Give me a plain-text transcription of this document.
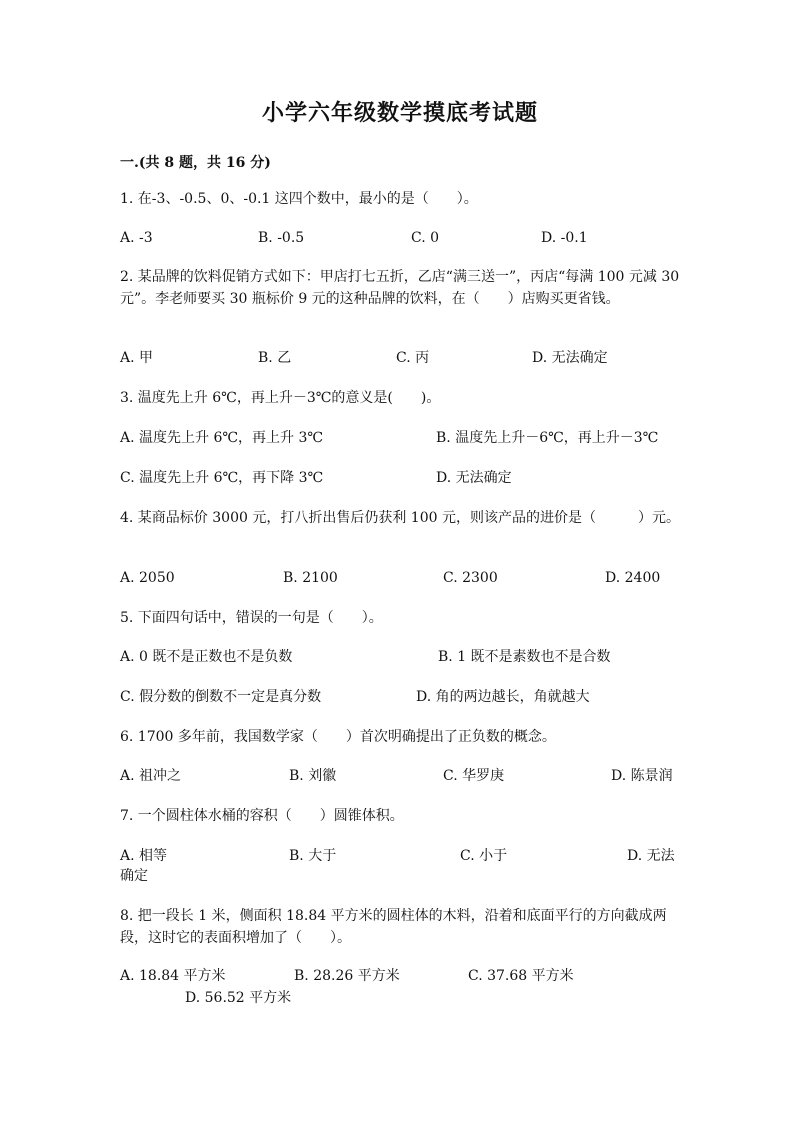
小学六年级数学摸底考试题
一.(共 8 题，共 16 分)
1. 在-3、-0.5、0、-0.1 这四个数中，最小的是（　　）。
A. -3	B. -0.5	C. 0	D. -0.1
2. 某品牌的饮料促销方式如下：甲店打七五折，乙店“满三送一”，丙店“每满 100 元减 30 元”。李老师要买 30 瓶标价 9 元的这种品牌的饮料，在（　　）店购买更省钱。
A. 甲	B. 乙	C. 丙	D. 无法确定
3. 温度先上升 6℃，再上升－3℃的意义是(　　)。
A. 温度先上升 6℃，再上升 3℃	B. 温度先上升－6℃，再上升－3℃
C. 温度先上升 6℃，再下降 3℃	D. 无法确定
4. 某商品标价 3000 元，打八折出售后仍获利 100 元，则该产品的进价是（　　　）元。
A. 2050	B. 2100	C. 2300	D. 2400
5. 下面四句话中，错误的一句是（　　）。
A. 0 既不是正数也不是负数	B. 1 既不是素数也不是合数
C. 假分数的倒数不一定是真分数	D. 角的两边越长，角就越大
6. 1700 多年前，我国数学家（　　）首次明确提出了正负数的概念。
A. 祖冲之	B. 刘徽	C. 华罗庚	D. 陈景润
7. 一个圆柱体水桶的容积（　　）圆锥体积。
A. 相等	B. 大于	C. 小于	D. 无法确定
8. 把一段长 1 米，侧面积 18.84 平方米的圆柱体的木料，沿着和底面平行的方向截成两段，这时它的表面积增加了（　　）。
A. 18.84 平方米	B. 28.26 平方米	C. 37.68 平方米
D. 56.52 平方米
